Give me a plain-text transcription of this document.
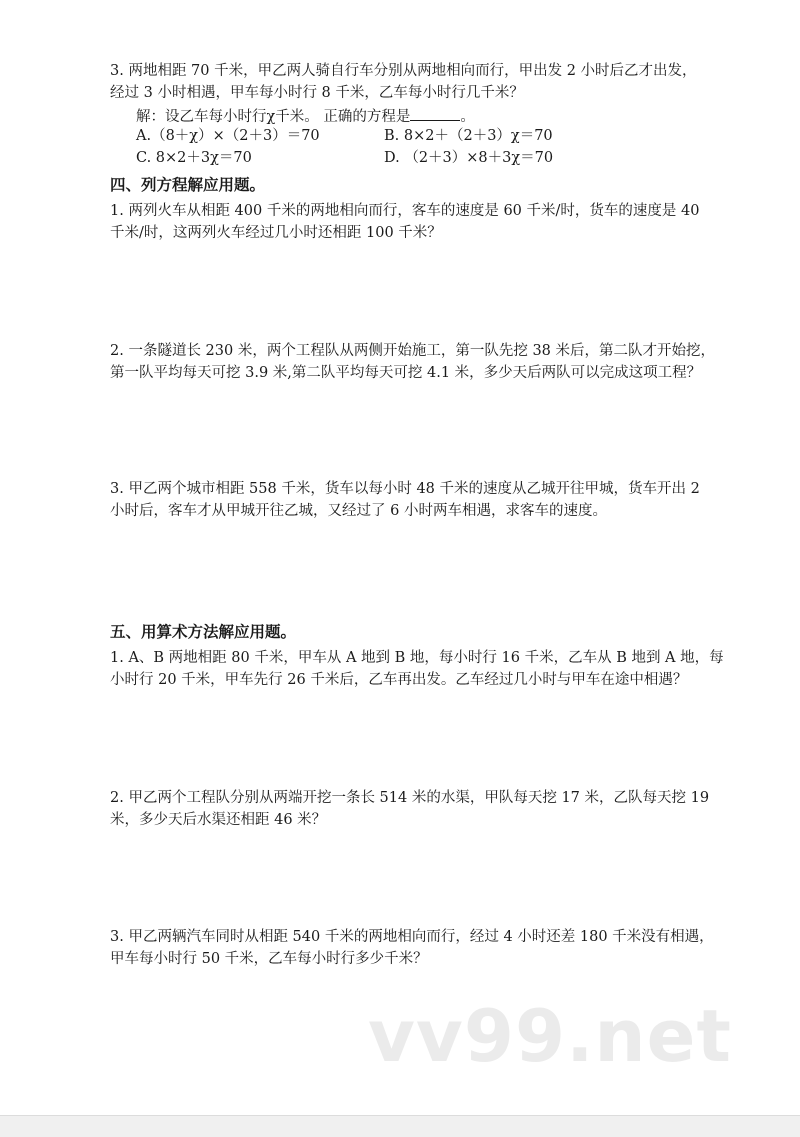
3. 两地相距 70 千米，甲乙两人骑自行车分别从两地相向而行，甲出发 2 小时后乙才出发，
经过 3 小时相遇，甲车每小时行 8 千米，乙车每小时行几千米？
解：设乙车每小时行χ千米。 正确的方程是	。
A.（8＋χ）×（2＋3）＝70	B. 8×2＋（2＋3）χ＝70
C. 8×2＋3χ＝70	D. （2＋3）×8＋3χ＝70
四、列方程解应用题。
1. 两列火车从相距 400 千米的两地相向而行，客车的速度是 60 千米/时，货车的速度是 40
千米/时，这两列火车经过几小时还相距 100 千米？
2. 一条隧道长 230 米，两个工程队从两侧开始施工，第一队先挖 38 米后，第二队才开始挖，
第一队平均每天可挖 3.9 米,第二队平均每天可挖 4.1 米，多少天后两队可以完成这项工程？
3. 甲乙两个城市相距 558 千米，货车以每小时 48 千米的速度从乙城开往甲城，货车开出 2
小时后，客车才从甲城开往乙城，又经过了 6 小时两车相遇，求客车的速度。
五、用算术方法解应用题。
1. A、B 两地相距 80 千米，甲车从 A 地到 B 地，每小时行 16 千米，乙车从 B 地到 A 地，每
小时行 20 千米，甲车先行 26 千米后，乙车再出发。乙车经过几小时与甲车在途中相遇？
2. 甲乙两个工程队分别从两端开挖一条长 514 米的水渠，甲队每天挖 17 米，乙队每天挖 19
米，多少天后水渠还相距 46 米？
3. 甲乙两辆汽车同时从相距 540 千米的两地相向而行，经过 4 小时还差 180 千米没有相遇，
甲车每小时行 50 千米，乙车每小时行多少千米？
vv99.net
